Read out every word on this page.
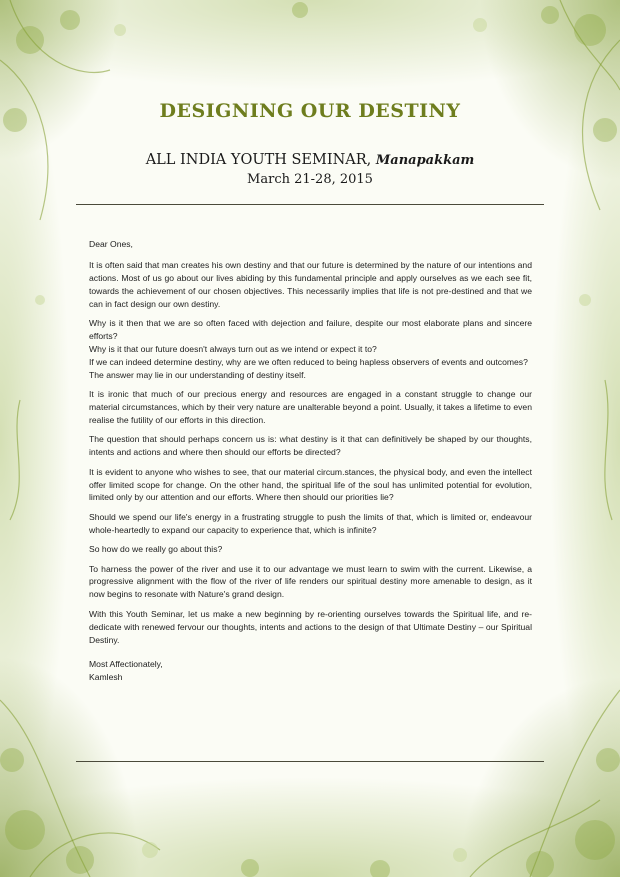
DESIGNING OUR DESTINY
ALL INDIA YOUTH SEMINAR, Manapakkam
March 21-28, 2015

Dear Ones,

It is often said that man creates his own destiny and that our future is determined by the nature of our intentions and actions. Most of us go about our lives abiding by this fundamental principle and apply ourselves as we each see fit, towards the achievement of our chosen objectives. This necessarily implies that life is not pre-destined and that we can in fact design our own destiny.

Why is it then that we are so often faced with dejection and failure, despite our most elaborate plans and sincere efforts?

Why is it that our future doesn't always turn out as we intend or expect it to?

If we can indeed determine destiny, why are we often reduced to being hapless observers of events and outcomes?

The answer may lie in our understanding of destiny itself.

It is ironic that much of our precious energy and resources are engaged in a constant struggle to change our material circumstances, which by their very nature are unalterable beyond a point. Usually, it takes a lifetime to even realise the futility of our efforts in this direction.

The question that should perhaps concern us is: what destiny is it that can definitively be shaped by our thoughts, intents and actions and where then should our efforts be directed?

It is evident to anyone who wishes to see, that our material circum.stances, the physical body, and even the intellect offer limited scope for change. On the other hand, the spiritual life of the soul has unlimited potential for evolution, limited only by our attention and our efforts. Where then should our priorities lie?

Should we spend our life's energy in a frustrating struggle to push the limits of that, which is limited or, endeavour whole-heartedly to expand our capacity to experience that, which is infinite?

So how do we really go about this?

To harness the power of the river and use it to our advantage we must learn to swim with the current. Likewise, a progressive alignment with the flow of the river of life renders our spiritual destiny more amenable to design, as it now begins to resonate with Nature's grand design.

With this Youth Seminar, let us make a new beginning by re-orienting ourselves towards the Spiritual life, and re-dedicate with renewed fervour our thoughts, intents and actions to the design of that Ultimate Destiny – our Spiritual Destiny.

Most Affectionately,
Kamlesh
